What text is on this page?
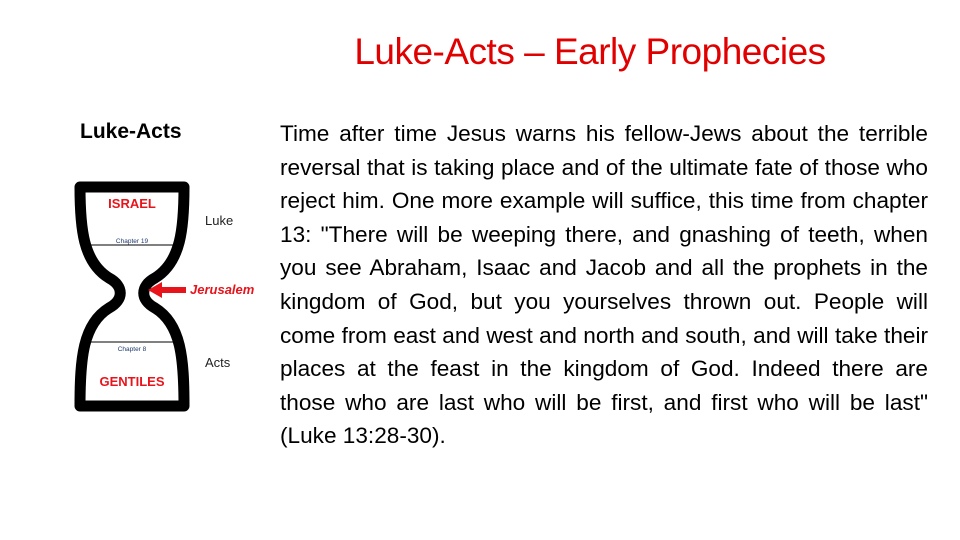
Luke-Acts – Early Prophecies
Luke-Acts
ISRAEL
Chapter 19
Luke
Jerusalem
Chapter 8
Acts
GENTILES

Time after time Jesus warns his fellow-Jews about the terrible reversal that is taking place and of the ultimate fate of those who reject him. One more example will suffice, this time from chapter 13: "There will be weeping there, and gnashing of teeth, when you see Abraham, Isaac and Jacob and all the prophets in the kingdom of God, but you yourselves thrown out. People will come from east and west and north and south, and will take their places at the feast in the kingdom of God. Indeed there are those who are last who will be first, and first who will be last" (Luke 13:28-30).
